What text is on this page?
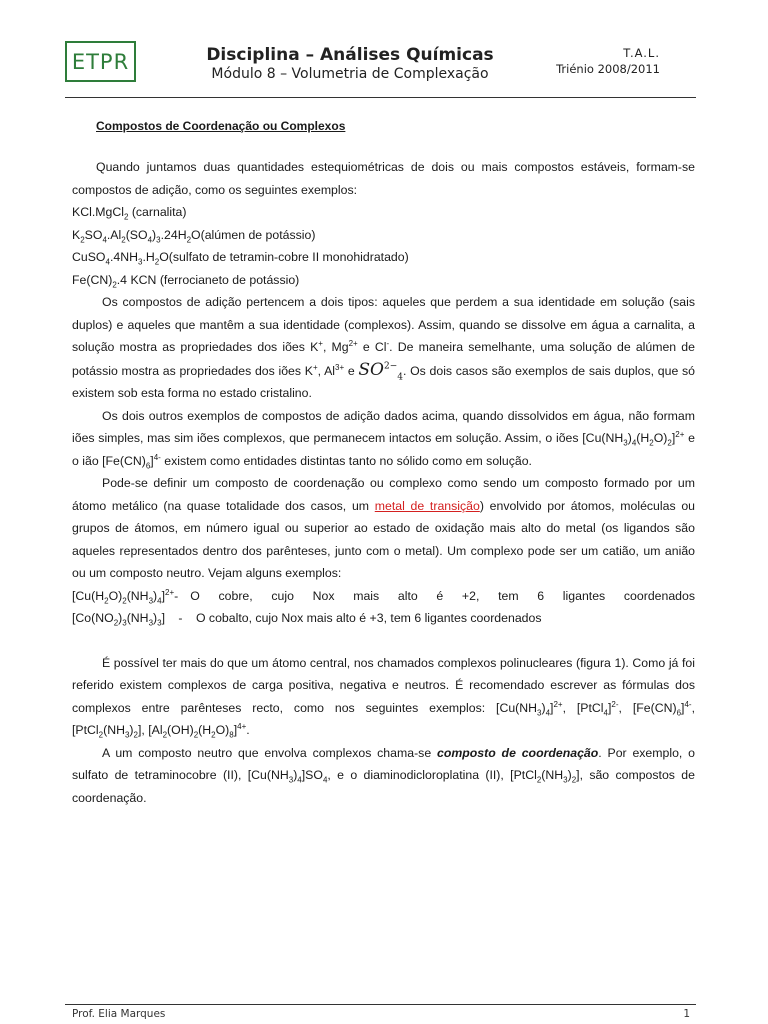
ETPR	Disciplina – Análises Químicas
Módulo 8 – Volumetria de Complexação
T.A.L.
Triénio 2008/2011
Compostos de Coordenação ou Complexos

Quando juntamos duas quantidades estequiométricas de dois ou mais compostos estáveis, formam-se compostos de adição, como os seguintes exemplos:

KCl.MgCl$_2$ (carnalita)

$K_2SO_4.Al_2(SO_4)_3.24H_2O(alúmen$ de potássio)

$CuSO_4.4NH_3.H_2O(sulfato$ de tetramin-cobre II monohidratado)

$Fe(CN)_2.4$ KCN (ferrocianeto de potássio)

Os compostos de adição pertencem a dois tipos: aqueles que perdem a sua identidade em solução (sais duplos) e aqueles que mantêm a sua identidade (complexos). Assim, quando se dissolve em água a carnalita, a solução mostra as propriedades dos iões K+, $Mg^{2+}$ e Cl-. De maneira semelhante, uma solução de alúmen de potássio mostra as propriedades dos iões K+, $Al^{3+}$ e $SO^{2-}_4$. Os dois casos são exemplos de sais duplos, que só existem sob esta forma no estado cristalino.

Os dois outros exemplos de compostos de adição dados acima, quando dissolvidos em água, não formam iões simples, mas sim iões complexos, que permanecem intactos em solução. Assim, o iões $[Cu(NH_3)_4(H_2O)_2]^{2+}$ e o ião $[Fe(CN)_6]^{4-}$ existem como entidades distintas tanto no sólido como em solução.

Pode-se definir um composto de coordenação ou complexo como sendo um composto formado por um átomo metálico (na quase totalidade dos casos, um metal de transição) envolvido por átomos, moléculas ou grupos de átomos, em número igual ou superior ao estado de oxidação mais alto do metal (os ligandos são aqueles representados dentro dos parênteses, junto com o metal). Um complexo pode ser um catião, um anião ou um composto neutro. Vejam alguns exemplos:

$[Cu(H_2O)_2(NH_3)_4]^{2+}$ - O cobre, cujo Nox mais alto é +2, tem 6 ligantes coordenados
$[Co(NO_2)_3(NH_3)_3]$ - O cobalto, cujo Nox mais alto é +3, tem 6 ligantes coordenados

É possível ter mais do que um átomo central, nos chamados complexos polinucleares (figura 1). Como já foi referido existem complexos de carga positiva, negativa e neutros. É recomendado escrever as fórmulas dos complexos entre parênteses recto, como nos seguintes exemplos: $[Cu(NH_3)_4]^{2+}$, [PtCl$_4$]$^{2-}$, $[Fe(CN)_6]^{4-}$, $[PtCl_2(NH_3)_2]$, $[Al_2(OH)_2(H_2O)_8]^{4+}$.

A um composto neutro que envolva complexos chama-se composto de coordenação. Por exemplo, o sulfato de tetraminocobre (II), $[Cu(NH_3)_4]SO_4$, e o diaminodicloroplatina (II), $[PtCl_2(NH_3)_2]$, são compostos de coordenação.

Prof. Elia Marques	1
